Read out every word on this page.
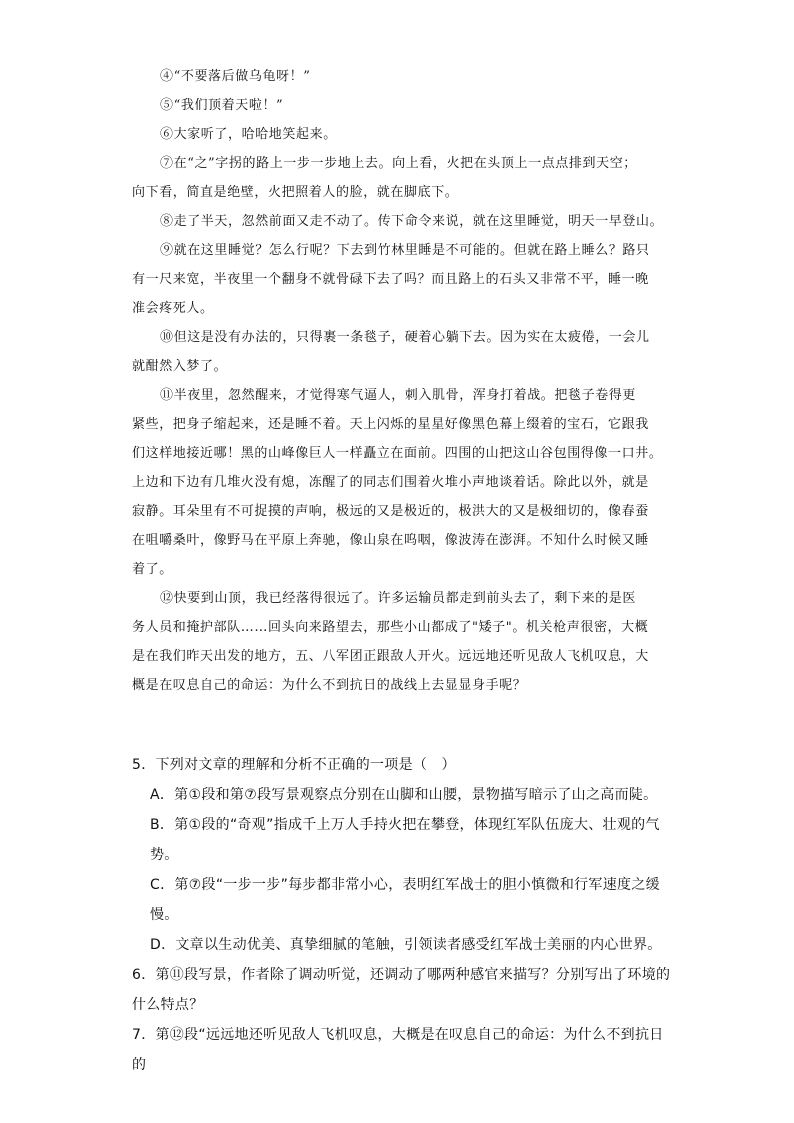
④“不要落后做乌龟呀！”

⑤“我们顶着天啦！”

⑥大家听了，哈哈地笑起来。

⑦在“之”字拐的路上一步一步地上去。向上看，火把在头顶上一点点排到天空；

向下看，简直是绝壁，火把照着人的脸，就在脚底下。

⑧走了半天，忽然前面又走不动了。传下命令来说，就在这里睡觉，明天一早登山。

⑨就在这里睡觉？怎么行呢？下去到竹林里睡是不可能的。但就在路上睡么？路只

有一尺来宽，半夜里一个翻身不就骨碌下去了吗？而且路上的石头又非常不平，睡一晚

准会疼死人。

⑩但这是没有办法的，只得裹一条毯子，硬着心躺下去。因为实在太疲倦，一会儿

就酣然入梦了。

⑪半夜里，忽然醒来，才觉得寒气逼人，刺入肌骨，浑身打着战。把毯子卷得更

紧些，把身子缩起来，还是睡不着。天上闪烁的星星好像黑色幕上缀着的宝石，它跟我

们这样地接近哪！黑的山峰像巨人一样矗立在面前。四围的山把这山谷包围得像一口井。

上边和下边有几堆火没有熄，冻醒了的同志们围着火堆小声地谈着话。除此以外，就是

寂静。耳朵里有不可捉摸的声响，极远的又是极近的，极洪大的又是极细切的，像春蚕

在咀嚼桑叶，像野马在平原上奔驰，像山泉在呜咽，像波涛在澎湃。不知什么时候又睡

着了。

⑫快要到山顶，我已经落得很远了。许多运输员都走到前头去了，剩下来的是医

务人员和掩护部队……回头向来路望去，那些小山都成了"矮子"。机关枪声很密，大概

是在我们昨天出发的地方，五、八军团正跟敌人开火。远远地还听见敌人飞机叹息，大

概是在叹息自己的命运：为什么不到抗日的战线上去显显身手呢？

5．下列对文章的理解和分析不正确的一项是（　）

A．第①段和第⑦段写景观察点分别在山脚和山腰，景物描写暗示了山之高而陡。

B．第①段的“奇观”指成千上万人手持火把在攀登，体现红军队伍庞大、壮观的气

势。

C．第⑦段“一步一步”每步都非常小心，表明红军战士的胆小慎微和行军速度之缓

慢。

D．文章以生动优美、真挚细腻的笔触，引领读者感受红军战士美丽的内心世界。

6．第⑪段写景，作者除了调动听觉，还调动了哪两种感官来描写？分别写出了环境的

什么特点？

7．第⑫段“远远地还听见敌人飞机叹息，大概是在叹息自己的命运：为什么不到抗日的
